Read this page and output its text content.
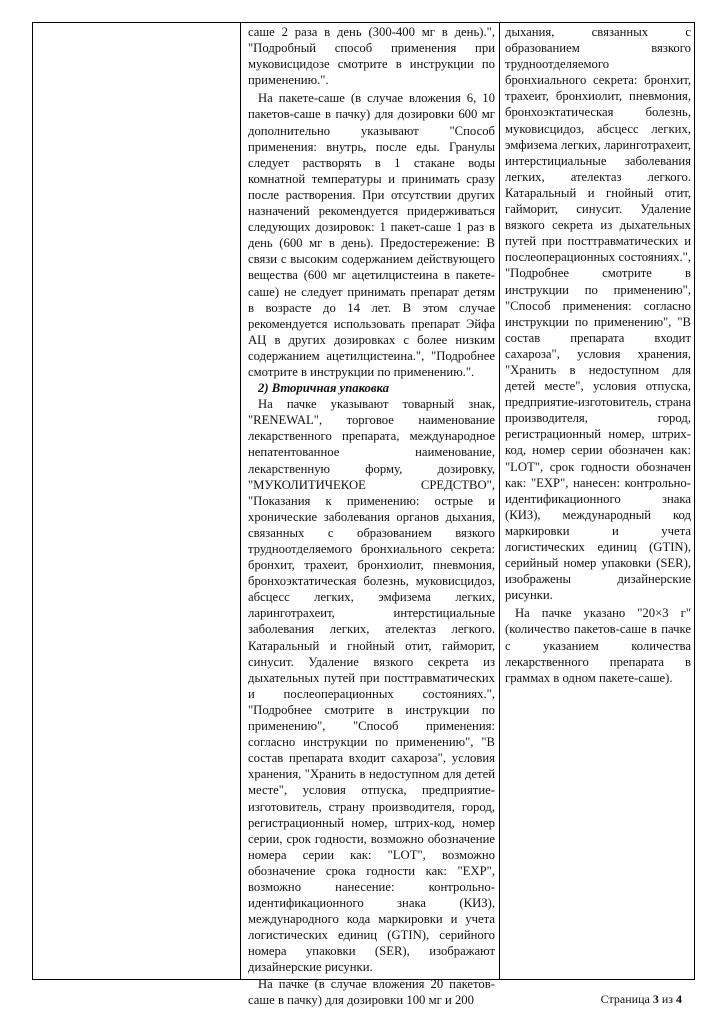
саше 2 раза в день (300-400 мг в день).", "Подробный способ применения при муковисцидозе смотрите в инструкции по применению.".

На пакете-саше (в случае вложения 6, 10 пакетов-саше в пачку) для дозировки 600 мг дополнительно указывают "Способ применения: внутрь, после еды. Гранулы следует растворять в 1 стакане воды комнатной температуры и принимать сразу после растворения. При отсутствии других назначений рекомендуется придерживаться следующих дозировок: 1 пакет-саше 1 раз в день (600 мг в день). Предостережение: В связи с высоким содержанием действующего вещества (600 мг ацетилцистеина в пакете-саше) не следует принимать препарат детям в возрасте до 14 лет. В этом случае рекомендуется использовать препарат Эйфа АЦ в других дозировках с более низким содержанием ацетилцистеина.", "Подробнее смотрите в инструкции по применению.".

2) Вторичная упаковка

На пачке указывают товарный знак, "RENEWAL", торговое наименование лекарственного препарата, международное непатентованное наименование, лекарственную форму, дозировку, "МУКОЛИТИЧЕКОЕ СРЕДСТВО", "Показания к применению: острые и хронические заболевания органов дыхания, связанных с образованием вязкого трудноотделяемого бронхиального секрета: бронхит, трахеит, бронхиолит, пневмония, бронхоэктатическая болезнь, муковисцидоз, абсцесс легких, эмфизема легких, ларинготрахеит, интерстициальные заболевания легких, ателектаз легкого. Катаральный и гнойный отит, гайморит, синусит. Удаление вязкого секрета из дыхательных путей при посттравматических и послеоперационных состояниях.", "Подробнее смотрите в инструкции по применению", "Способ применения: согласно инструкции по применению", "В состав препарата входит сахароза", условия хранения, "Хранить в недоступном для детей месте", условия отпуска, предприятие-изготовитель, страну производителя, город, регистрационный номер, штрих-код, номер серии, срок годности, возможно обозначение номера серии как: "LOT", возможно обозначение срока годности как: "EXP", возможно нанесение: контрольно-идентификационного знака (КИЗ), международного кода маркировки и учета логистических единиц (GTIN), серийного номера упаковки (SER), изображают дизайнерские рисунки.

На пачке (в случае вложения 20 пакетов-саше в пачку) для дозировки 100 мг и 200

дыхания, связанных с образованием вязкого трудноотделяемого бронхиального секрета: бронхит, трахеит, бронхиолит, пневмония, бронхоэктатическая болезнь, муковисцидоз, абсцесс легких, эмфизема легких, ларинготрахеит, интерстициальные заболевания легких, ателектаз легкого. Катаральный и гнойный отит, гайморит, синусит. Удаление вязкого секрета из дыхательных путей при посттравматических и послеоперационных состояниях.", "Подробнее смотрите в инструкции по применению", "Способ применения: согласно инструкции по применению", "В состав препарата входит сахароза", условия хранения, "Хранить в недоступном для детей месте", условия отпуска, предприятие-изготовитель, страна производителя, город, регистрационный номер, штрих-код, номер серии обозначен как: "LOT", срок годности обозначен как: "EXP", нанесен: контрольно-идентификационного знака (КИЗ), международный код маркировки и учета логистических единиц (GTIN), серийный номер упаковки (SER), изображены дизайнерские рисунки.

На пачке указано "20×3 г" (количество пакетов-саше в пачке с указанием количества лекарственного препарата в граммах в одном пакете-саше).

Страница 3 из 4
